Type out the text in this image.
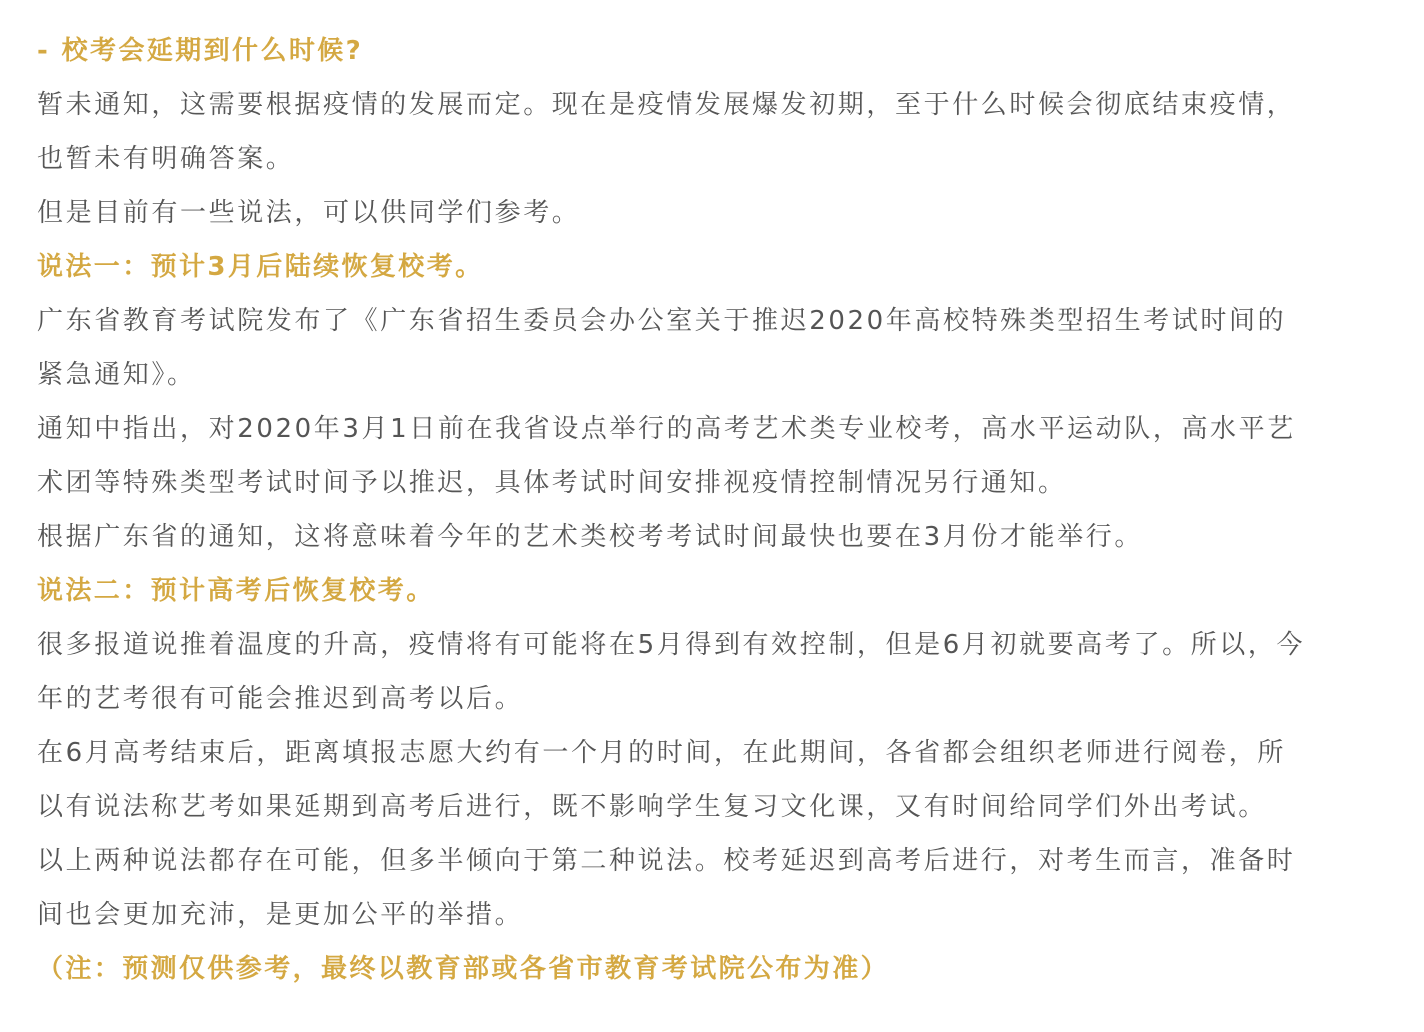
- 校考会延期到什么时候?
暂未通知，这需要根据疫情的发展而定。现在是疫情发展爆发初期，至于什么时候会彻底结束疫情，
也暂未有明确答案。
但是目前有一些说法，可以供同学们参考。
说法一：预计3月后陆续恢复校考。
广东省教育考试院发布了《广东省招生委员会办公室关于推迟2020年高校特殊类型招生考试时间的
紧急通知》。
通知中指出，对2020年3月1日前在我省设点举行的高考艺术类专业校考，高水平运动队，高水平艺
术团等特殊类型考试时间予以推迟，具体考试时间安排视疫情控制情况另行通知。
根据广东省的通知，这将意味着今年的艺术类校考考试时间最快也要在3月份才能举行。
说法二：预计高考后恢复校考。
很多报道说推着温度的升高，疫情将有可能将在5月得到有效控制，但是6月初就要高考了。所以，今
年的艺考很有可能会推迟到高考以后。
在6月高考结束后，距离填报志愿大约有一个月的时间，在此期间，各省都会组织老师进行阅卷，所
以有说法称艺考如果延期到高考后进行，既不影响学生复习文化课，又有时间给同学们外出考试。
以上两种说法都存在可能，但多半倾向于第二种说法。校考延迟到高考后进行，对考生而言，准备时
间也会更加充沛，是更加公平的举措。
（注：预测仅供参考，最终以教育部或各省市教育考试院公布为准）
